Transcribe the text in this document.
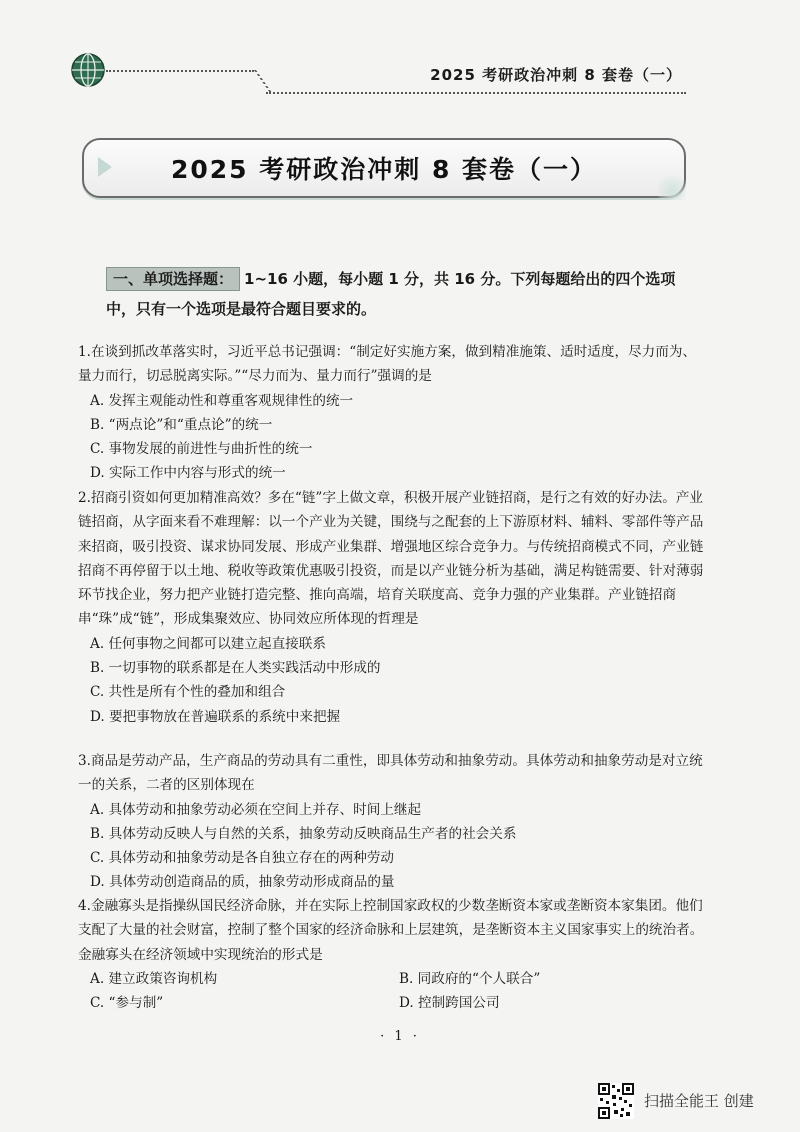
2025 考研政治冲刺 8 套卷（一）
2025 考研政治冲刺 8 套卷（一）
一、单项选择题： 1~16 小题，每小题 1 分，共 16 分。下列每题给出的四个选项中，只有一个选项是最符合题目要求的。
1.在谈到抓改革落实时，习近平总书记强调：“制定好实施方案，做到精准施策、适时适度，尽力而为、量力而行，切忌脱离实际。”“尽力而为、量力而行”强调的是
A. 发挥主观能动性和尊重客观规律性的统一
B. “两点论”和“重点论”的统一
C. 事物发展的前进性与曲折性的统一
D. 实际工作中内容与形式的统一
2.招商引资如何更加精准高效？多在“链”字上做文章，积极开展产业链招商，是行之有效的好办法。产业链招商，从字面来看不难理解：以一个产业为关键，围绕与之配套的上下游原材料、辅料、零部件等产品来招商，吸引投资、谋求协同发展、形成产业集群、增强地区综合竞争力。与传统招商模式不同，产业链招商不再停留于以土地、税收等政策优惠吸引投资，而是以产业链分析为基础，满足构链需要、针对薄弱环节找企业，努力把产业链打造完整、推向高端，培育关联度高、竞争力强的产业集群。产业链招商串“珠”成“链”，形成集聚效应、协同效应所体现的哲理是
A. 任何事物之间都可以建立起直接联系
B. 一切事物的联系都是在人类实践活动中形成的
C. 共性是所有个性的叠加和组合
D. 要把事物放在普遍联系的系统中来把握
3.商品是劳动产品，生产商品的劳动具有二重性，即具体劳动和抽象劳动。具体劳动和抽象劳动是对立统一的关系，二者的区别体现在
A. 具体劳动和抽象劳动必须在空间上并存、时间上继起
B. 具体劳动反映人与自然的关系，抽象劳动反映商品生产者的社会关系
C. 具体劳动和抽象劳动是各自独立存在的两种劳动
D. 具体劳动创造商品的质，抽象劳动形成商品的量
4.金融寡头是指操纵国民经济命脉，并在实际上控制国家政权的少数垄断资本家或垄断资本家集团。他们支配了大量的社会财富，控制了整个国家的经济命脉和上层建筑，是垄断资本主义国家事实上的统治者。金融寡头在经济领域中实现统治的形式是
A. 建立政策咨询机构	B. 同政府的“个人联合”
C. “参与制”	D. 控制跨国公司
· 1 ·
扫描全能王 创建
